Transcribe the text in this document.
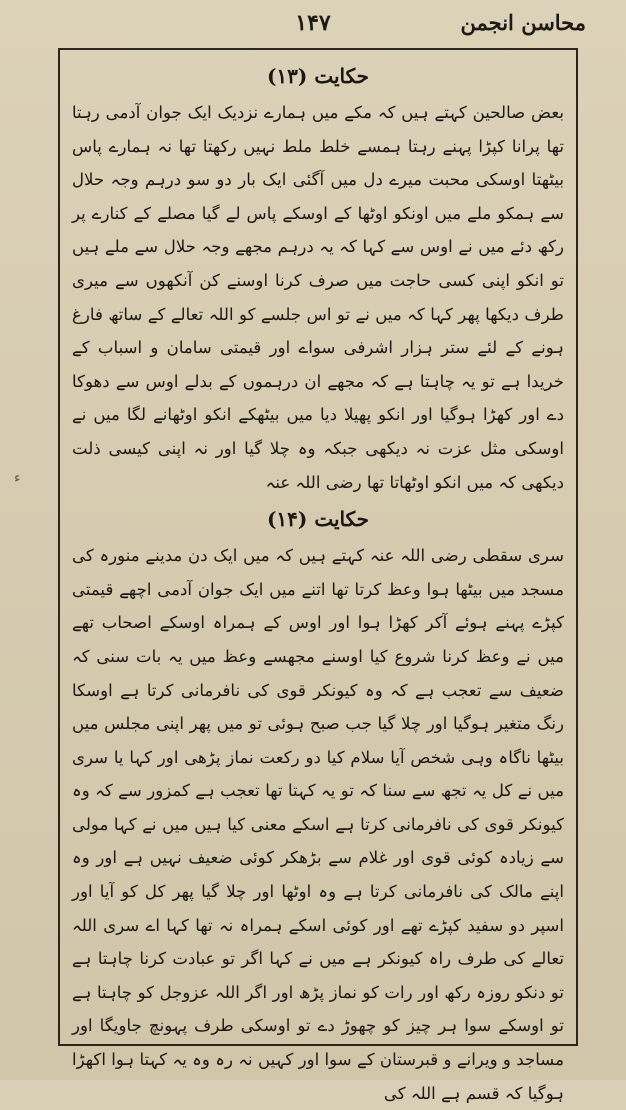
محاسن انجمن
۱۴۷
ء
حکایت (۱۳)

بعض صالحین کہتے ہیں کہ مکے میں ہمارے نزدیک ایک جوان آدمی رہتا تھا پرانا کپڑا پہنے رہتا ہمسے خلط ملط نہیں رکھتا تھا نہ ہمارے پاس بیٹھتا اوسکی محبت میرے دل میں آگئی ایک بار دو سو درہم وجہ حلال سے ہمکو ملے میں اونکو اوٹھا کے اوسکے پاس لے گیا مصلے کے کنارے پر رکھ دئے میں نے اوس سے کہا کہ یہ درہم مجھے وجہ حلال سے ملے ہیں تو انکو اپنی کسی حاجت میں صرف کرنا اوسنے کن آنکھوں سے میری طرف دیکھا پھر کہا کہ میں نے تو اس جلسے کو اللہ تعالے کے ساتھ فارغ ہونے کے لئے ستر ہزار اشرفی سواے اور قیمتی سامان و اسباب کے خریدا ہے تو یہ چاہتا ہے کہ مجھے ان درہموں کے بدلے اوس سے دھوکا دے اور کھڑا ہوگیا اور انکو پھیلا دیا میں بیٹھکے انکو اوٹھانے لگا میں نے اوسکی مثل عزت نہ دیکھی جبکہ وہ چلا گیا اور نہ اپنی کیسی ذلت دیکھی کہ میں انکو اوٹھاتا تھا رضی اللہ عنہ

حکایت (۱۴)

سری سقطی رضی اللہ عنہ کہتے ہیں کہ میں ایک دن مدینے منورہ کی مسجد میں بیٹھا ہوا وعظ کرتا تھا اتنے میں ایک جوان آدمی اچھے قیمتی کپڑے پہنے ہوئے آکر کھڑا ہوا اور اوس کے ہمراہ اوسکے اصحاب تھے میں نے وعظ کرنا شروع کیا اوسنے مجھسے وعظ میں یہ بات سنی کہ ضعیف سے تعجب ہے کہ وہ کیونکر قوی کی نافرمانی کرتا ہے اوسکا رنگ متغیر ہوگیا اور چلا گیا جب صبح ہوئی تو میں پھر اپنی مجلس میں بیٹھا ناگاہ وہی شخص آیا سلام کیا دو رکعت نماز پڑھی اور کہا یا سری میں نے کل یہ تجھ سے سنا کہ تو یہ کہتا تھا تعجب ہے کمزور سے کہ وہ کیونکر قوی کی نافرمانی کرتا ہے اسکے معنی کیا ہیں میں نے کہا مولی سے زیادہ کوئی قوی اور غلام سے بڑھکر کوئی ضعیف نہیں ہے اور وہ اپنے مالک کی نافرمانی کرتا ہے وہ اوٹھا اور چلا گیا پھر کل کو آیا اور اسپر دو سفید کپڑے تھے اور کوئی اسکے ہمراہ نہ تھا کہا اے سری اللہ تعالے کی طرف راہ کیونکر ہے میں نے کہا اگر تو عبادت کرنا چاہتا ہے تو دنکو روزہ رکھ اور رات کو نماز پڑھ اور اگر اللہ عزوجل کو چاہتا ہے تو اوسکے سوا ہر چیز کو چھوڑ دے تو اوسکی طرف پہونچ جاویگا اور مساجد و ویرانے و قبرستان کے سوا اور کہیں نہ رہ وہ یہ کہتا ہوا اکھڑا ہوگیا کہ قسم ہے اللہ کی
